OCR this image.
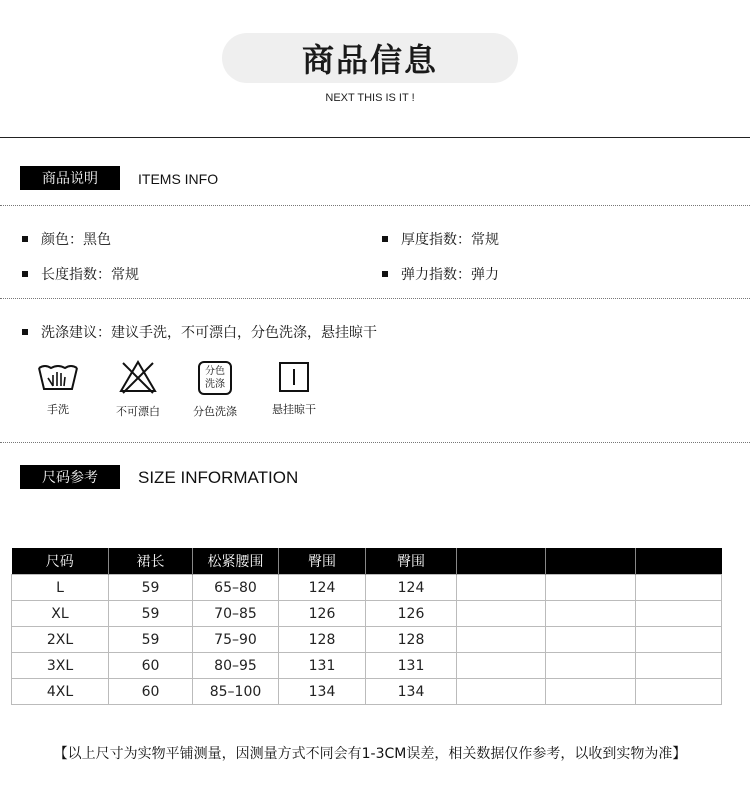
商品信息
NEXT THIS IS IT !
商品说明	ITEMS INFO
颜色： 黑色	厚度指数： 常规
长度指数： 常规	弹力指数： 弹力
洗涤建议： 建议手洗，不可漂白，分色洗涤，悬挂晾干
手洗	不可漂白
分色
洗涤
分色洗涤	悬挂晾干
尺码参考	SIZE INFORMATION
尺码	裙长	松紧腰围	臀围	臀围			
L	59	65–80	124	124			
XL	59	70–85	126	126			
2XL	59	75–90	128	128			
3XL	60	80–95	131	131			
4XL	60	85–100	134	134			
【以上尺寸为实物平铺测量，因测量方式不同会有1-3CM误差，相关数据仅作参考，以收到实物为准】
